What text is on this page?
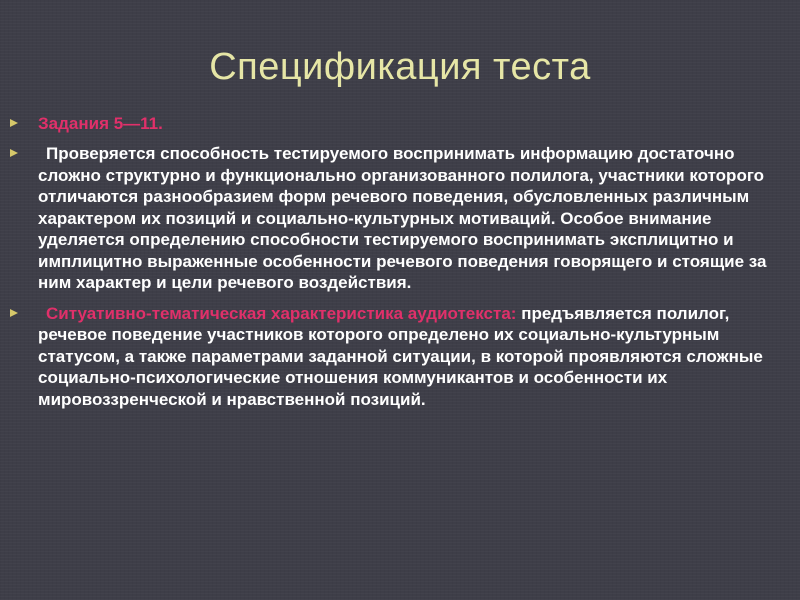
Спецификация теста
Задания 5—11.
Проверяется способность тестируемого воспринимать информацию достаточно сложно структурно и функционально организованного полилога, участники которого отличаются разнообразием форм речевого поведения, обусловленных различным характером их позиций и социально-культурных мотиваций. Особое внимание уделяется определению способности тестируемого воспринимать эксплицитно и имплицитно выраженные особенности речевого поведения говорящего и стоящие за ним характер и цели речевого воздействия.
Ситуативно-тематическая характеристика аудиотекста: предъявляется полилог, речевое поведение участников которого определено их социально-культурным статусом, а также параметрами заданной ситуации, в которой проявляются сложные социально-психологические отношения коммуникантов и особенности их мировоззренческой и нравственной позиций.
